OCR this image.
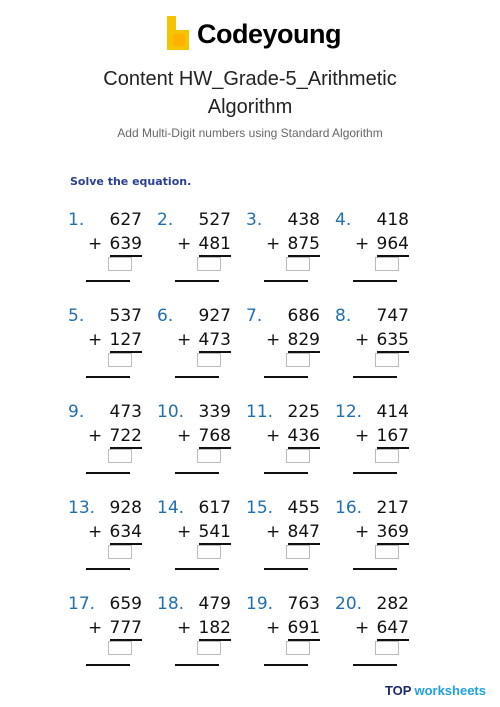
Codeyoung
Content HW_Grade-5_Arithmetic
Algorithm
Add Multi-Digit numbers using Standard Algorithm
Solve the equation.
1. 627
+ 639
2. 527
+ 481
3. 438
+ 875
4. 418
+ 964
5. 537
+ 127
6. 927
+ 473
7. 686
+ 829
8. 747
+ 635
9. 473
+ 722
10. 339
+ 768
11. 225
+ 436
12. 414
+ 167
13. 928
+ 634
14. 617
+ 541
15. 455
+ 847
16. 217
+ 369
17. 659
+ 777
18. 479
+ 182
19. 763
+ 691
20. 282
+ 647
TOP worksheets
